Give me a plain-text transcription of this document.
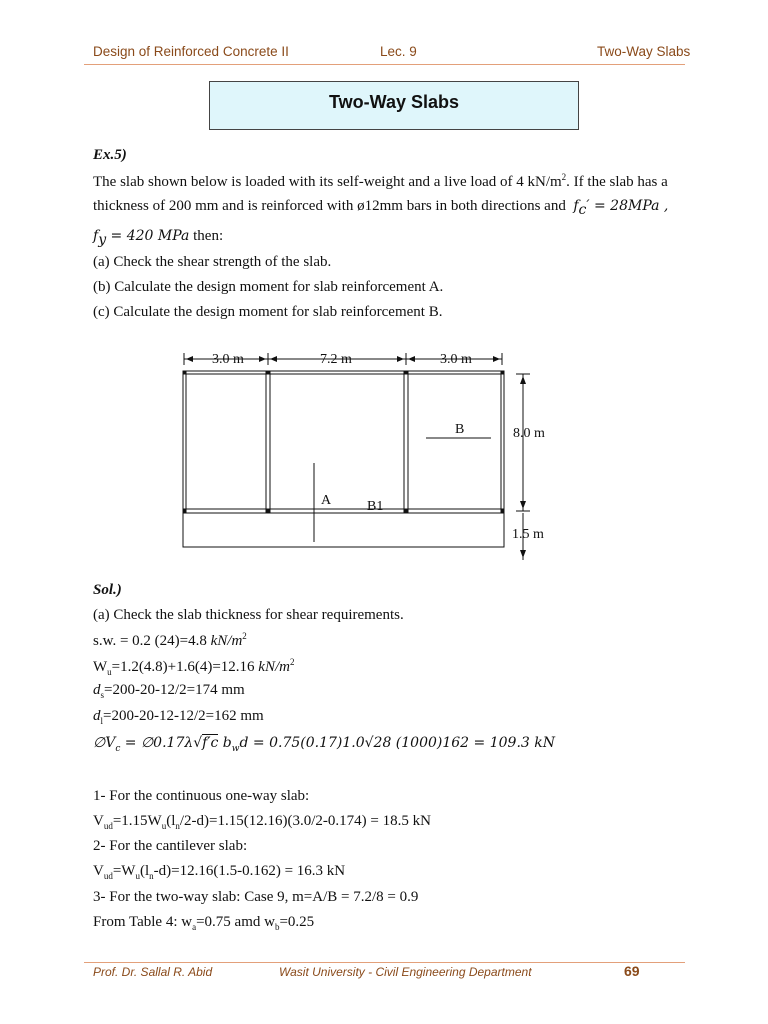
Design of Reinforced Concrete II	Lec. 9	Two-Way Slabs
Two-Way Slabs
Ex.5)
The slab shown below is loaded with its self-weight and a live load of 4 $kN/m^2$. If the slab has a
thickness of 200 mm and is reinforced with ø12mm bars in both directions and $f_c' = 28MPa$ ,
$f_y = 420$ MPa then:
(a) Check the shear strength of the slab.
(b) Calculate the design moment for slab reinforcement A.
(c) Calculate the design moment for slab reinforcement B.
3.0 m	7.2 m	3.0 m
8.0 m
1.5 m
A
B
B1
Sol.)
(a) Check the slab thickness for shear requirements.
s.w. = 0.2 (24)=4.8 $kN/m^2$
$W_u=1.2(4.8)+1.6(4)=12.16$ $kN/m^2$
$d_s=200-20-12/2=174$ mm
$d_l=200-20-12-12/2=162$ mm
$\emptyset V_c$ = ∅0.17λ√f′c $b_wd = 0.75(0.17)1.0√28$ (1000)162 = 109.3 kN
1- For the continuous one-way slab:
$V_{ud}=1.15W_u(l_n/2-d)=1.15(12.16)(3.0/2-0.174) = 18.5$ kN
2- For the cantilever slab:
$V_{ud}=W_u(l_n-d)=12.16(1.5-0.162) = 16.3$ kN
3- For the two-way slab: Case 9, m=A/B = 7.2/8 = 0.9
From Table 4: $w_a=0.75$ amd $w_b=0.25$
Prof. Dr. Sallal R. Abid	Wasit University - Civil Engineering Department	69
